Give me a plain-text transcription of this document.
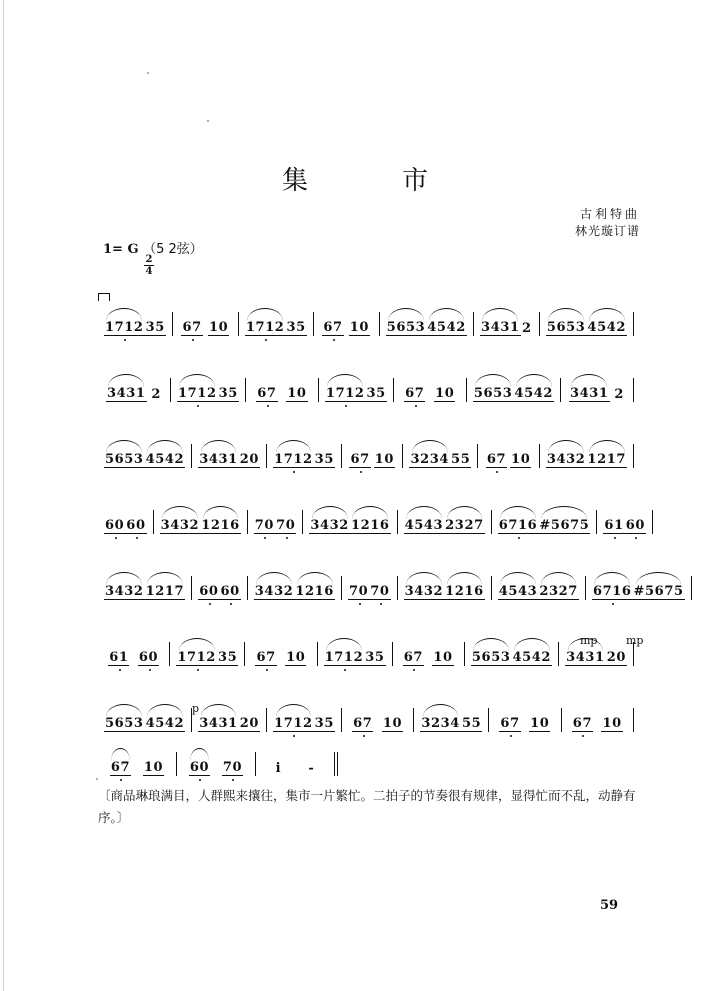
集　市
古利特曲
林光璇订谱
1= G （5 2弦）
2
4
1712 35 67 10 1712 35 67 10 5653 4542 3431 2 5653 4542
3431 2 1712 35 67 10 1712 35 67 10 5653 4542 3431 2
5653 4542 3431 20 1712 35 67 10 3234 55 67 10 3432 1217
60 60 3432 1216 70 70 3432 1216 4543 2327 6716 #5675 61 60
3432 1217 60 60 3432 1216 70 70 3432 1216 4543 2327 6716 #5675
61 60 1712 35 67 10 1712 35 67 10 5653 4542 3431 20
5653 4542 3431 20 1712 35 67 10 3234 55 67 10 67 10
67 10 60 70	i -
mp	mp
p
〔商品琳琅满目，人群熙来攘往，集市一片繁忙。二拍子的节奏很有规律，显得忙而不乱，动静有序。〕
59
